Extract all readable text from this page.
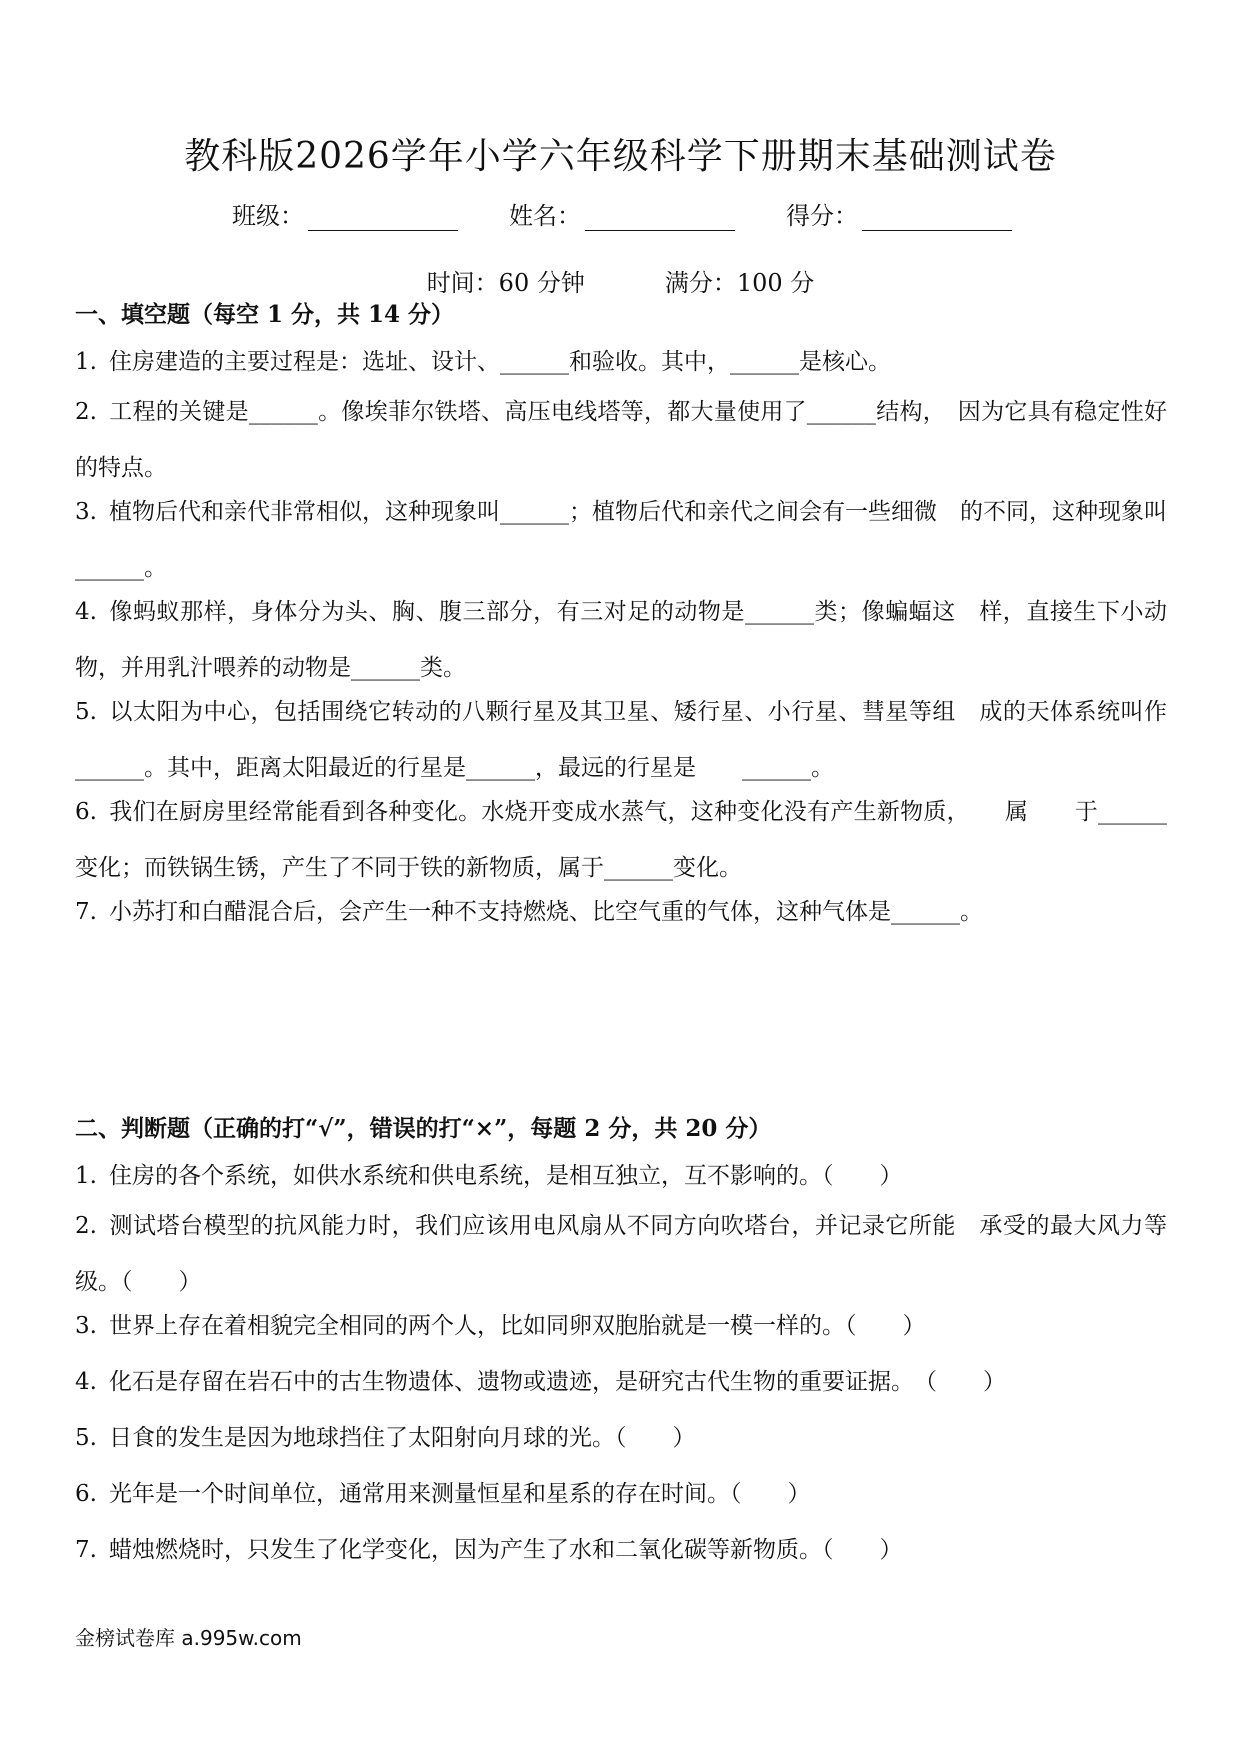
教科版2026学年小学六年级科学下册期末基础测试卷
班级：	姓名：	得分：
时间：60 分钟	满分：100 分
一、填空题（每空 1 分，共 14 分）
1. 住房建造的主要过程是：选址、设计、______和验收。其中，______是核心。
2. 工程的关键是______。像埃菲尔铁塔、高压电线塔等，都大量使用了______结构，　因为它具有稳定性好的特点。
3. 植物后代和亲代非常相似，这种现象叫______；植物后代和亲代之间会有一些细微　的不同，这种现象叫______。
4. 像蚂蚁那样，身体分为头、胸、腹三部分，有三对足的动物是______类；像蝙蝠这　样，直接生下小动物，并用乳汁喂养的动物是______类。
5. 以太阳为中心，包括围绕它转动的八颗行星及其卫星、矮行星、小行星、彗星等组　成的天体系统叫作______。其中，距离太阳最近的行星是______，最远的行星是　　______。
6. 我们在厨房里经常能看到各种变化。水烧开变成水蒸气，这种变化没有产生新物质，　　属　　于______变化；而铁锅生锈，产生了不同于铁的新物质，属于______变化。
7. 小苏打和白醋混合后，会产生一种不支持燃烧、比空气重的气体，这种气体是______。
二、判断题（正确的打“√”，错误的打“×”，每题 2 分，共 20 分）
1. 住房的各个系统，如供水系统和供电系统，是相互独立，互不影响的。（　　）
2. 测试塔台模型的抗风能力时，我们应该用电风扇从不同方向吹塔台，并记录它所能　承受的最大风力等级。（　　）
3. 世界上存在着相貌完全相同的两个人，比如同卵双胞胎就是一模一样的。（　　）
4. 化石是存留在岩石中的古生物遗体、遗物或遗迹，是研究古代生物的重要证据。　（　　）
5. 日食的发生是因为地球挡住了太阳射向月球的光。（　　）
6. 光年是一个时间单位，通常用来测量恒星和星系的存在时间。（　　）
7. 蜡烛燃烧时，只发生了化学变化，因为产生了水和二氧化碳等新物质。（　　）
金榜试卷库 a.995w.com
